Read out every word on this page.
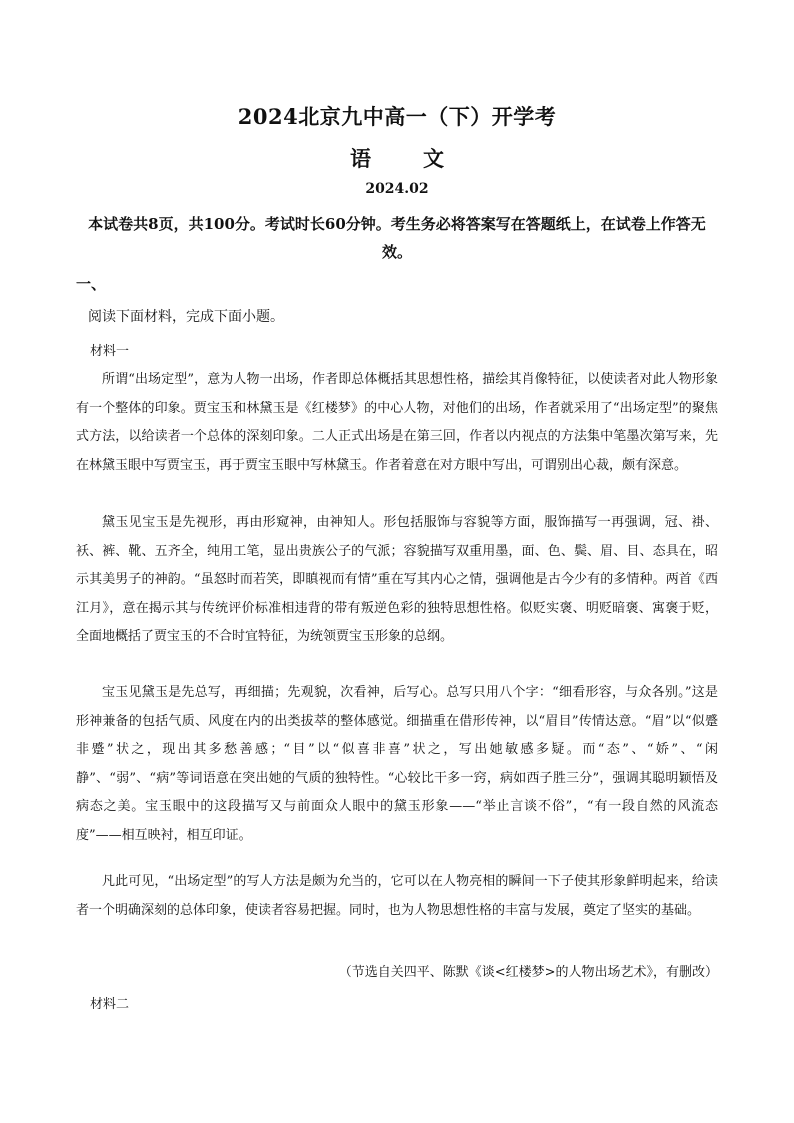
2024北京九中高一（下）开学考
语 文
2024.02
本试卷共8页，共100分。考试时长60分钟。考生务必将答案写在答题纸上，在试卷上作答无效。
一、
阅读下面材料，完成下面小题。
材料一

所谓“出场定型”，意为人物一出场，作者即总体概括其思想性格，描绘其肖像特征，以使读者对此人物形象有一个整体的印象。贾宝玉和林黛玉是《红楼梦》的中心人物，对他们的出场，作者就采用了“出场定型”的聚焦式方法，以给读者一个总体的深刻印象。二人正式出场是在第三回，作者以内视点的方法集中笔墨次第写来，先在林黛玉眼中写贾宝玉，再于贾宝玉眼中写林黛玉。作者着意在对方眼中写出，可谓别出心裁，颇有深意。

黛玉见宝玉是先视形，再由形窥神，由神知人。形包括服饰与容貌等方面，服饰描写一再强调，冠、褂、袄、裤、靴、五齐全，纯用工笔，显出贵族公子的气派；容貌描写双重用墨，面、色、鬓、眉、目、态具在，昭示其美男子的神韵。“虽怒时而若笑，即瞋视而有情”重在写其内心之情，强调他是古今少有的多情种。两首《西江月》，意在揭示其与传统评价标准相违背的带有叛逆色彩的独特思想性格。似贬实褒、明贬暗褒、寓褒于贬，全面地概括了贾宝玉的不合时宜特征，为统领贾宝玉形象的总纲。

宝玉见黛玉是先总写，再细描；先观貌，次看神，后写心。总写只用八个字：“细看形容，与众各别。”这是形神兼备的包括气质、风度在内的出类拔萃的整体感觉。细描重在借形传神，以“眉目”传情达意。“眉”以“似蹙非蹙”状之，现出其多愁善感；“目”以“似喜非喜”状之，写出她敏感多疑。而“态”、“娇”、“闲静”、“弱”、“病”等词语意在突出她的气质的独特性。“心较比干多一窍，病如西子胜三分”，强调其聪明颖悟及病态之美。宝玉眼中的这段描写又与前面众人眼中的黛玉形象——“举止言谈不俗”，“有一段自然的风流态度”——相互映衬，相互印证。

凡此可见，“出场定型”的写人方法是颇为允当的，它可以在人物亮相的瞬间一下子使其形象鲜明起来，给读者一个明确深刻的总体印象，使读者容易把握。同时，也为人物思想性格的丰富与发展，奠定了坚实的基础。

（节选自关四平、陈默《谈<红楼梦>的人物出场艺术》，有删改）
材料二
